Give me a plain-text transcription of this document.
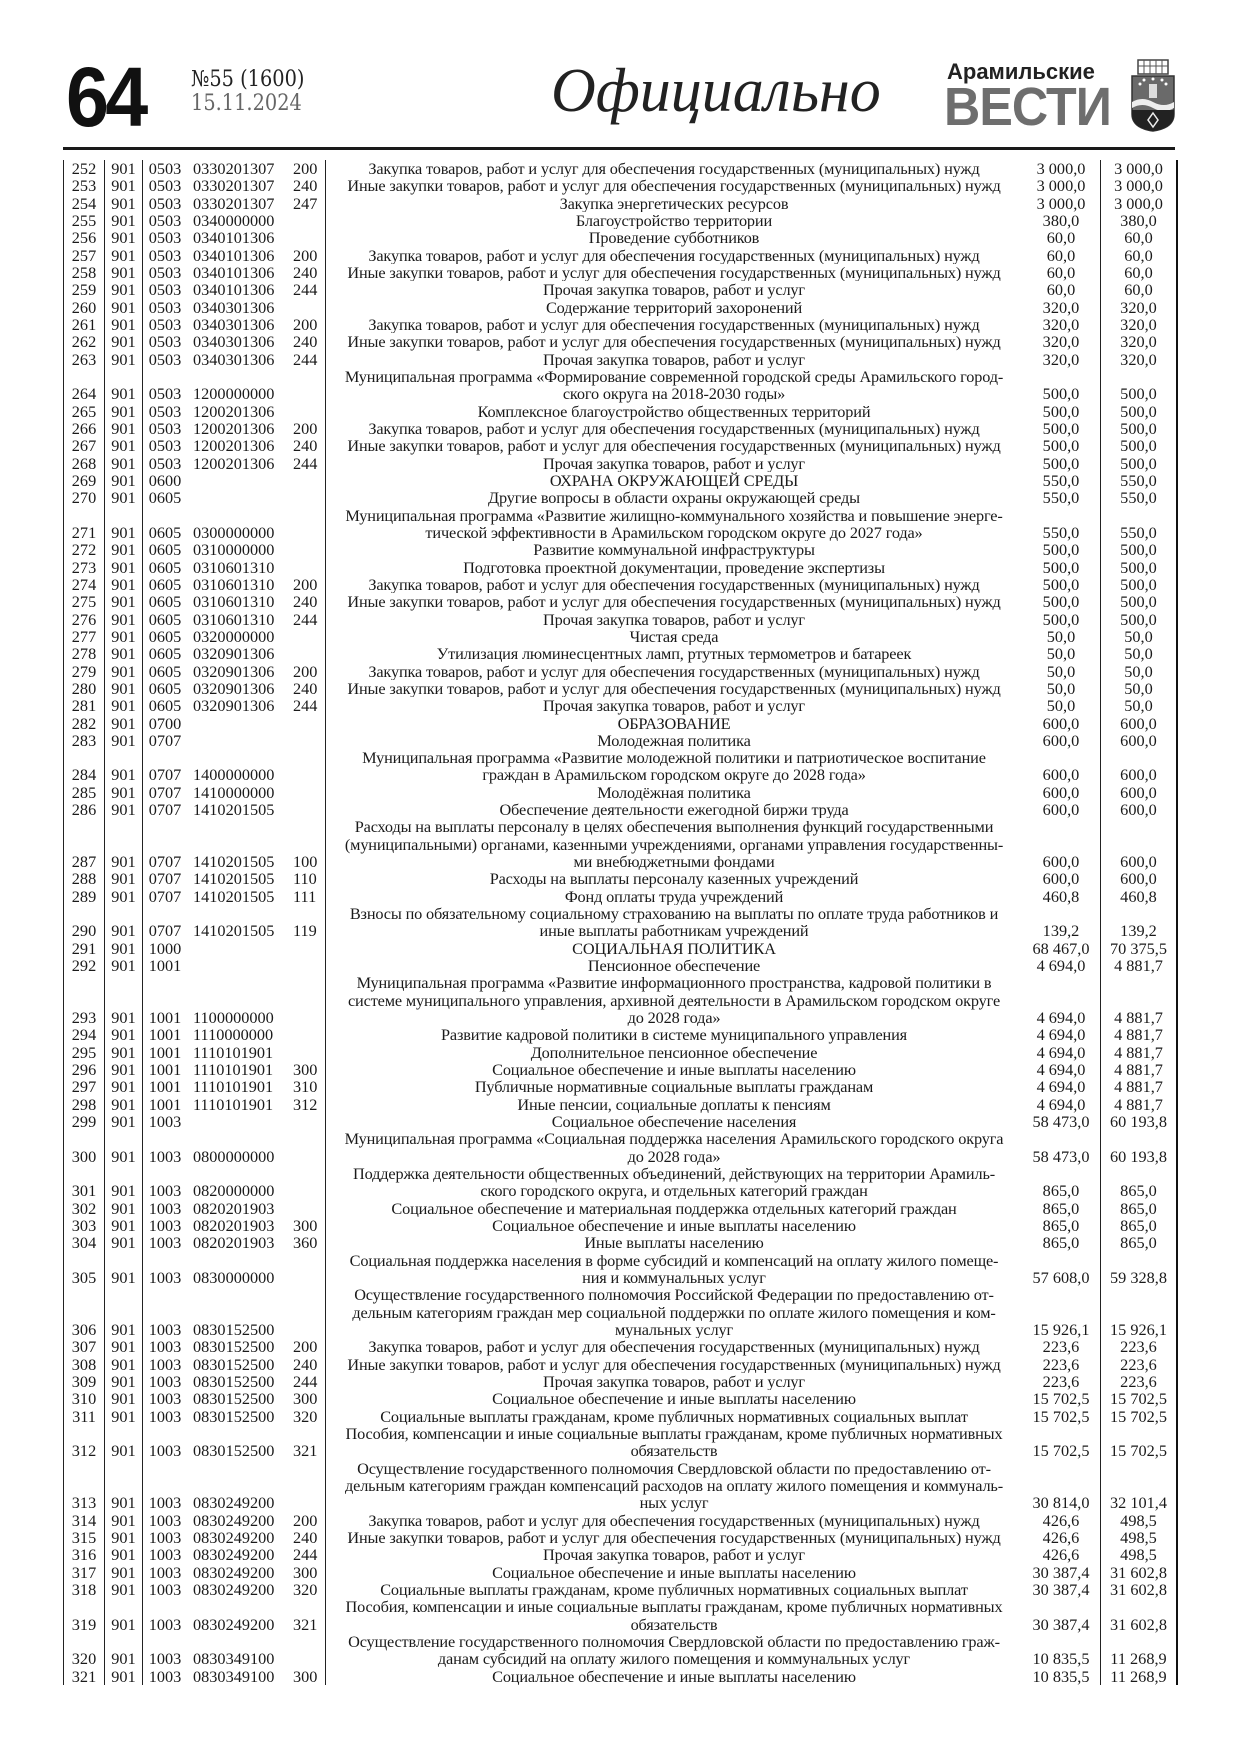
64 №55 (1600)
15.11.2024	Официально	Арамильские
ВЕСТИ
252	901	0503	0330201307	200	Закупка товаров, работ и услуг для обеспечения государственных (муниципальных) нужд	3 000,0	3 000,0
253	901	0503	0330201307	240	Иные закупки товаров, работ и услуг для обеспечения государственных (муниципальных) нужд	3 000,0	3 000,0
254	901	0503	0330201307	247	Закупка энергетических ресурсов	3 000,0	3 000,0
255	901	0503	0340000000		Благоустройство территории	380,0	380,0
256	901	0503	0340101306		Проведение субботников	60,0	60,0
257	901	0503	0340101306	200	Закупка товаров, работ и услуг для обеспечения государственных (муниципальных) нужд	60,0	60,0
258	901	0503	0340101306	240	Иные закупки товаров, работ и услуг для обеспечения государственных (муниципальных) нужд	60,0	60,0
259	901	0503	0340101306	244	Прочая закупка товаров, работ и услуг	60,0	60,0
260	901	0503	0340301306		Содержание территорий захоронений	320,0	320,0
261	901	0503	0340301306	200	Закупка товаров, работ и услуг для обеспечения государственных (муниципальных) нужд	320,0	320,0
262	901	0503	0340301306	240	Иные закупки товаров, работ и услуг для обеспечения государственных (муниципальных) нужд	320,0	320,0
263	901	0503	0340301306	244	Прочая закупка товаров, работ и услуг	320,0	320,0
264	901	0503	1200000000		Муниципальная программа «Формирование современной городской среды Арамильского город-
ского округа на 2018-2030 годы»	500,0	500,0
265	901	0503	1200201306		Комплексное благоустройство общественных территорий	500,0	500,0
266	901	0503	1200201306	200	Закупка товаров, работ и услуг для обеспечения государственных (муниципальных) нужд	500,0	500,0
267	901	0503	1200201306	240	Иные закупки товаров, работ и услуг для обеспечения государственных (муниципальных) нужд	500,0	500,0
268	901	0503	1200201306	244	Прочая закупка товаров, работ и услуг	500,0	500,0
269	901	0600			ОХРАНА ОКРУЖАЮЩЕЙ СРЕДЫ	550,0	550,0
270	901	0605			Другие вопросы в области охраны окружающей среды	550,0	550,0
271	901	0605	0300000000		Муниципальная программа «Развитие жилищно-коммунального хозяйства и повышение энерге-
тической эффективности в Арамильском городском округе до 2027 года»	550,0	550,0
272	901	0605	0310000000		Развитие коммунальной инфраструктуры	500,0	500,0
273	901	0605	0310601310		Подготовка проектной документации, проведение экспертизы	500,0	500,0
274	901	0605	0310601310	200	Закупка товаров, работ и услуг для обеспечения государственных (муниципальных) нужд	500,0	500,0
275	901	0605	0310601310	240	Иные закупки товаров, работ и услуг для обеспечения государственных (муниципальных) нужд	500,0	500,0
276	901	0605	0310601310	244	Прочая закупка товаров, работ и услуг	500,0	500,0
277	901	0605	0320000000		Чистая среда	50,0	50,0
278	901	0605	0320901306		Утилизация люминесцентных ламп, ртутных термометров и батареек	50,0	50,0
279	901	0605	0320901306	200	Закупка товаров, работ и услуг для обеспечения государственных (муниципальных) нужд	50,0	50,0
280	901	0605	0320901306	240	Иные закупки товаров, работ и услуг для обеспечения государственных (муниципальных) нужд	50,0	50,0
281	901	0605	0320901306	244	Прочая закупка товаров, работ и услуг	50,0	50,0
282	901	0700			ОБРАЗОВАНИЕ	600,0	600,0
283	901	0707			Молодежная политика	600,0	600,0
284	901	0707	1400000000		Муниципальная программа «Развитие молодежной политики и патриотическое воспитание
граждан в Арамильском городском округе до 2028 года»	600,0	600,0
285	901	0707	1410000000		Молодёжная политика	600,0	600,0
286	901	0707	1410201505		Обеспечение деятельности ежегодной биржи труда	600,0	600,0
287	901	0707	1410201505	100	Расходы на выплаты персоналу в целях обеспечения выполнения функций государственными
(муниципальными) органами, казенными учреждениями, органами управления государственны-
ми внебюджетными фондами	600,0	600,0
288	901	0707	1410201505	110	Расходы на выплаты персоналу казенных учреждений	600,0	600,0
289	901	0707	1410201505	111	Фонд оплаты труда учреждений	460,8	460,8
290	901	0707	1410201505	119	Взносы по обязательному социальному страхованию на выплаты по оплате труда работников и
иные выплаты работникам учреждений	139,2	139,2
291	901	1000			СОЦИАЛЬНАЯ ПОЛИТИКА	68 467,0	70 375,5
292	901	1001			Пенсионное обеспечение	4 694,0	4 881,7
293	901	1001	1100000000		Муниципальная программа «Развитие информационного пространства, кадровой политики в
системе муниципального управления, архивной деятельности в Арамильском городском округе
до 2028 года»	4 694,0	4 881,7
294	901	1001	1110000000		Развитие кадровой политики в системе муниципального управления	4 694,0	4 881,7
295	901	1001	1110101901		Дополнительное пенсионное обеспечение	4 694,0	4 881,7
296	901	1001	1110101901	300	Социальное обеспечение и иные выплаты населению	4 694,0	4 881,7
297	901	1001	1110101901	310	Публичные нормативные социальные выплаты гражданам	4 694,0	4 881,7
298	901	1001	1110101901	312	Иные пенсии, социальные доплаты к пенсиям	4 694,0	4 881,7
299	901	1003			Социальное обеспечение населения	58 473,0	60 193,8
300	901	1003	0800000000		Муниципальная программа «Социальная поддержка населения Арамильского городского округа
до 2028 года»	58 473,0	60 193,8
301	901	1003	0820000000		Поддержка деятельности общественных объединений, действующих на территории Арамиль-
ского городского округа, и отдельных категорий граждан	865,0	865,0
302	901	1003	0820201903		Социальное обеспечение и материальная поддержка отдельных категорий граждан	865,0	865,0
303	901	1003	0820201903	300	Социальное обеспечение и иные выплаты населению	865,0	865,0
304	901	1003	0820201903	360	Иные выплаты населению	865,0	865,0
305	901	1003	0830000000		Социальная поддержка населения в форме субсидий и компенсаций на оплату жилого помеще-
ния и коммунальных услуг	57 608,0	59 328,8
306	901	1003	0830152500		Осуществление государственного полномочия Российской Федерации по предоставлению от-
дельным категориям граждан мер социальной поддержки по оплате жилого помещения и ком-
мунальных услуг	15 926,1	15 926,1
307	901	1003	0830152500	200	Закупка товаров, работ и услуг для обеспечения государственных (муниципальных) нужд	223,6	223,6
308	901	1003	0830152500	240	Иные закупки товаров, работ и услуг для обеспечения государственных (муниципальных) нужд	223,6	223,6
309	901	1003	0830152500	244	Прочая закупка товаров, работ и услуг	223,6	223,6
310	901	1003	0830152500	300	Социальное обеспечение и иные выплаты населению	15 702,5	15 702,5
311	901	1003	0830152500	320	Социальные выплаты гражданам, кроме публичных нормативных социальных выплат	15 702,5	15 702,5
312	901	1003	0830152500	321	Пособия, компенсации и иные социальные выплаты гражданам, кроме публичных нормативных
обязательств	15 702,5	15 702,5
313	901	1003	0830249200		Осуществление государственного полномочия Свердловской области по предоставлению от-
дельным категориям граждан компенсаций расходов на оплату жилого помещения и коммуналь-
ных услуг	30 814,0	32 101,4
314	901	1003	0830249200	200	Закупка товаров, работ и услуг для обеспечения государственных (муниципальных) нужд	426,6	498,5
315	901	1003	0830249200	240	Иные закупки товаров, работ и услуг для обеспечения государственных (муниципальных) нужд	426,6	498,5
316	901	1003	0830249200	244	Прочая закупка товаров, работ и услуг	426,6	498,5
317	901	1003	0830249200	300	Социальное обеспечение и иные выплаты населению	30 387,4	31 602,8
318	901	1003	0830249200	320	Социальные выплаты гражданам, кроме публичных нормативных социальных выплат	30 387,4	31 602,8
319	901	1003	0830249200	321	Пособия, компенсации и иные социальные выплаты гражданам, кроме публичных нормативных
обязательств	30 387,4	31 602,8
320	901	1003	0830349100		Осуществление государственного полномочия Свердловской области по предоставлению граж-
данам субсидий на оплату жилого помещения и коммунальных услуг	10 835,5	11 268,9
321	901	1003	0830349100	300	Социальное обеспечение и иные выплаты населению	10 835,5	11 268,9
